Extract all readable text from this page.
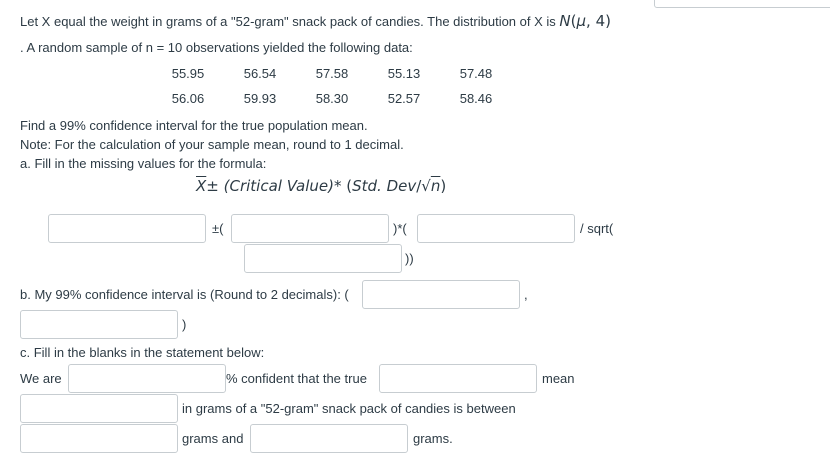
Let X equal the weight in grams of a "52-gram" snack pack of candies. The distribution of X is N(μ, 4)
. A random sample of n = 10 observations yielded the following data:
55.95	56.54	57.58	55.13	57.48
56.06	59.93	58.30	52.57	58.46
Find a 99% confidence interval for the true population mean.
Note: For the calculation of your sample mean, round to 1 decimal.
a. Fill in the missing values for the formula:
$\overline{X}\pm$ (Critical Value)* (Std. Dev/√n)
±(	)*(	/ sqrt(
))
b. My 99% confidence interval is (Round to 2 decimals): (	,
)
c. Fill in the blanks in the statement below:
We are	% confident that the true	mean
in grams of a "52-gram" snack pack of candies is between
grams and	grams.
